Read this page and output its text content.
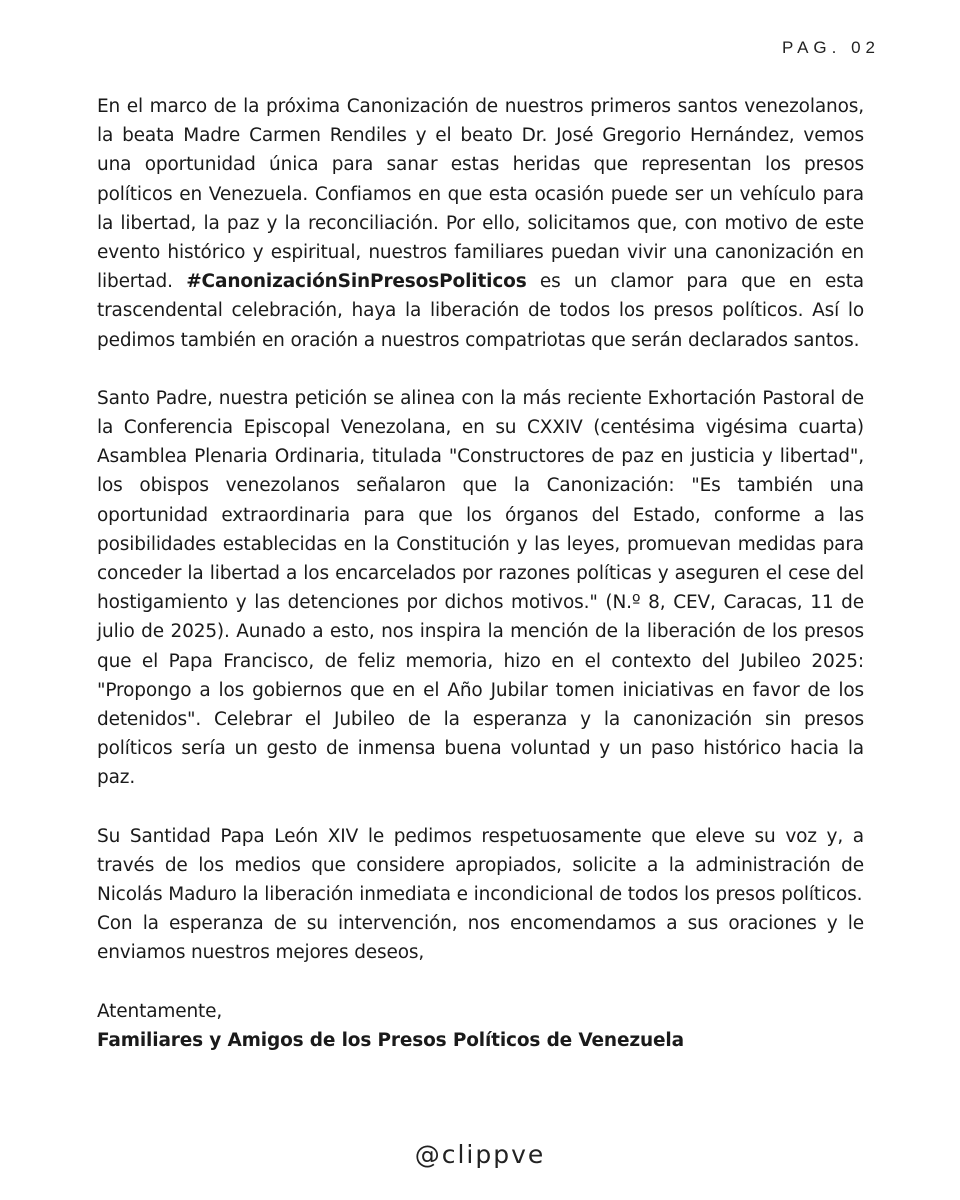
PAG. 02

En el marco de la próxima Canonización de nuestros primeros santos venezolanos, la beata Madre Carmen Rendiles y el beato Dr. José Gregorio Hernández, vemos una oportunidad única para sanar estas heridas que representan los presos políticos en Venezuela. Confiamos en que esta ocasión puede ser un vehículo para la libertad, la paz y la reconciliación. Por ello, solicitamos que, con motivo de este evento histórico y espiritual, nuestros familiares puedan vivir una canonización en libertad. #CanonizaciónSinPresosPoliticos es un clamor para que en esta trascendental celebración, haya la liberación de todos los presos políticos. Así lo pedimos también en oración a nuestros compatriotas que serán declarados santos.

Santo Padre, nuestra petición se alinea con la más reciente Exhortación Pastoral de la Conferencia Episcopal Venezolana, en su CXXIV (centésima vigésima cuarta) Asamblea Plenaria Ordinaria, titulada "Constructores de paz en justicia y libertad", los obispos venezolanos señalaron que la Canonización: "Es también una oportunidad extraordinaria para que los órganos del Estado, conforme a las posibilidades establecidas en la Constitución y las leyes, promuevan medidas para conceder la libertad a los encarcelados por razones políticas y aseguren el cese del hostigamiento y las detenciones por dichos motivos." (N.º 8, CEV, Caracas, 11 de julio de 2025). Aunado a esto, nos inspira la mención de la liberación de los presos que el Papa Francisco, de feliz memoria, hizo en el contexto del Jubileo 2025: "Propongo a los gobiernos que en el Año Jubilar tomen iniciativas en favor de los detenidos". Celebrar el Jubileo de la esperanza y la canonización sin presos políticos sería un gesto de inmensa buena voluntad y un paso histórico hacia la paz.

Su Santidad Papa León XIV le pedimos respetuosamente que eleve su voz y, a través de los medios que considere apropiados, solicite a la administración de Nicolás Maduro la liberación inmediata e incondicional de todos los presos políticos.

Con la esperanza de su intervención, nos encomendamos a sus oraciones y le enviamos nuestros mejores deseos,

Atentamente,

Familiares y Amigos de los Presos Políticos de Venezuela

@clippve
